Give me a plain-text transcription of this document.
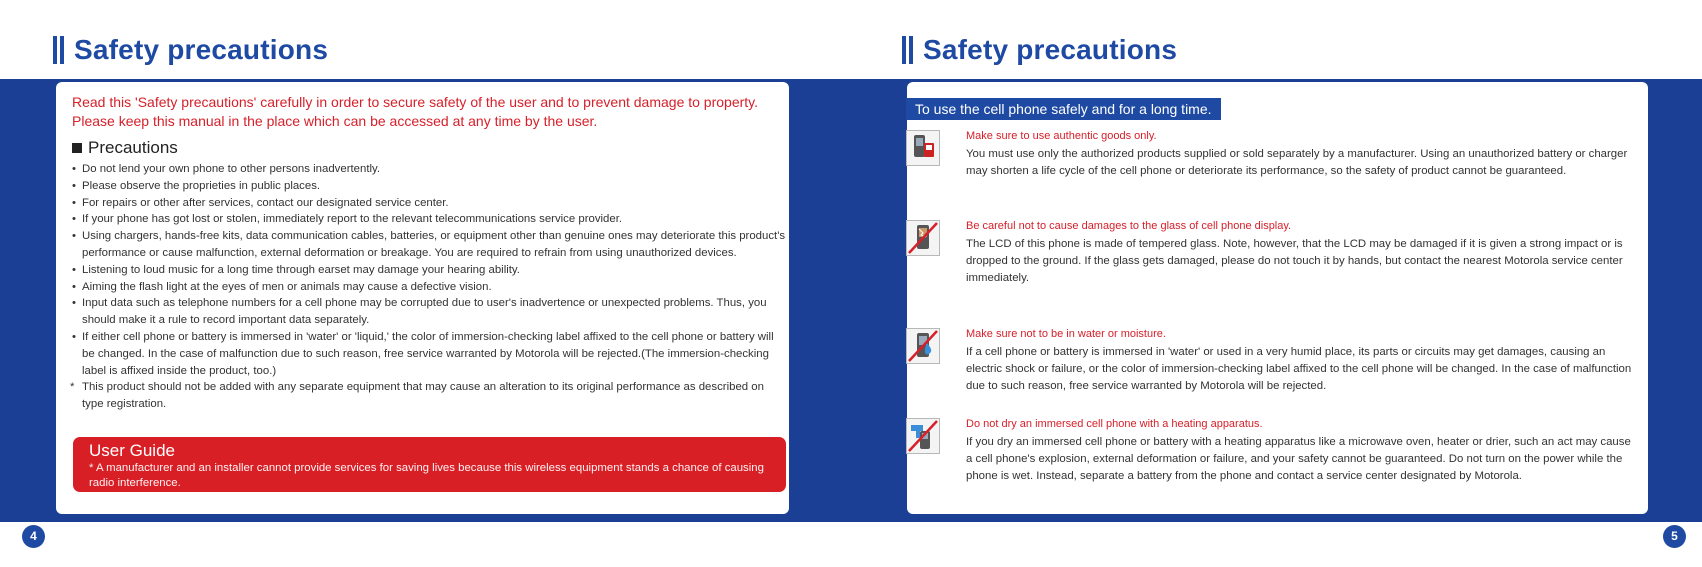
Safety precautions
Read this 'Safety precautions' carefully in order to secure safety of the user and to prevent damage to property. Please keep this manual in the place which can be accessed at any time by the user.
Precautions
• Do not lend your own phone to other persons inadvertently.
• Please observe the proprieties in public places.
• For repairs or other after services, contact our designated service center.
• If your phone has got lost or stolen, immediately report to the relevant telecommunications service provider.
• Using chargers, hands-free kits, data communication cables, batteries, or equipment other than genuine ones may deteriorate this product's performance or cause malfunction, external deformation or breakage. You are required to refrain from using unauthorized devices.
• Listening to loud music for a long time through earset may damage your hearing ability.
• Aiming the flash light at the eyes of men or animals may cause a defective vision.
• Input data such as telephone numbers for a cell phone may be corrupted due to user's inadvertence or unexpected problems. Thus, you should make it a rule to record important data separately.
• If either cell phone or battery is immersed in 'water' or 'liquid,' the color of immersion-checking label affixed to the cell phone or battery will be changed. In the case of malfunction due to such reason, free service warranted by Motorola will be rejected.(The immersion-checking label is affixed inside the product, too.)
* This product should not be added with any separate equipment that may cause an alteration to its original performance as described on type registration.
User Guide
* A manufacturer and an installer cannot provide services for saving lives because this wireless equipment stands a chance of causing radio interference.
4
Safety precautions
To use the cell phone safely and for a long time.
Make sure to use authentic goods only.
You must use only the authorized products supplied or sold separately by a manufacturer. Using an unauthorized battery or charger may shorten a life cycle of the cell phone or deteriorate its performance, so the safety of product cannot be guaranteed.
Be careful not to cause damages to the glass of cell phone display.
The LCD of this phone is made of tempered glass. Note, however, that the LCD may be damaged if it is given a strong impact or is dropped to the ground. If the glass gets damaged, please do not touch it by hands, but contact the nearest Motorola service center immediately.
Make sure not to be in water or moisture.
If a cell phone or battery is immersed in 'water' or used in a very humid place, its parts or circuits may get damages, causing an electric shock or failure, or the color of immersion-checking label affixed to the cell phone will be changed. In the case of malfunction due to such reason, free service warranted by Motorola will be rejected.
Do not dry an immersed cell phone with a heating apparatus.
If you dry an immersed cell phone or battery with a heating apparatus like a microwave oven, heater or drier, such an act may cause a cell phone's explosion, external deformation or failure, and your safety cannot be guaranteed. Do not turn on the power while the phone is wet. Instead, separate a battery from the phone and contact a service center designated by Motorola.
5
